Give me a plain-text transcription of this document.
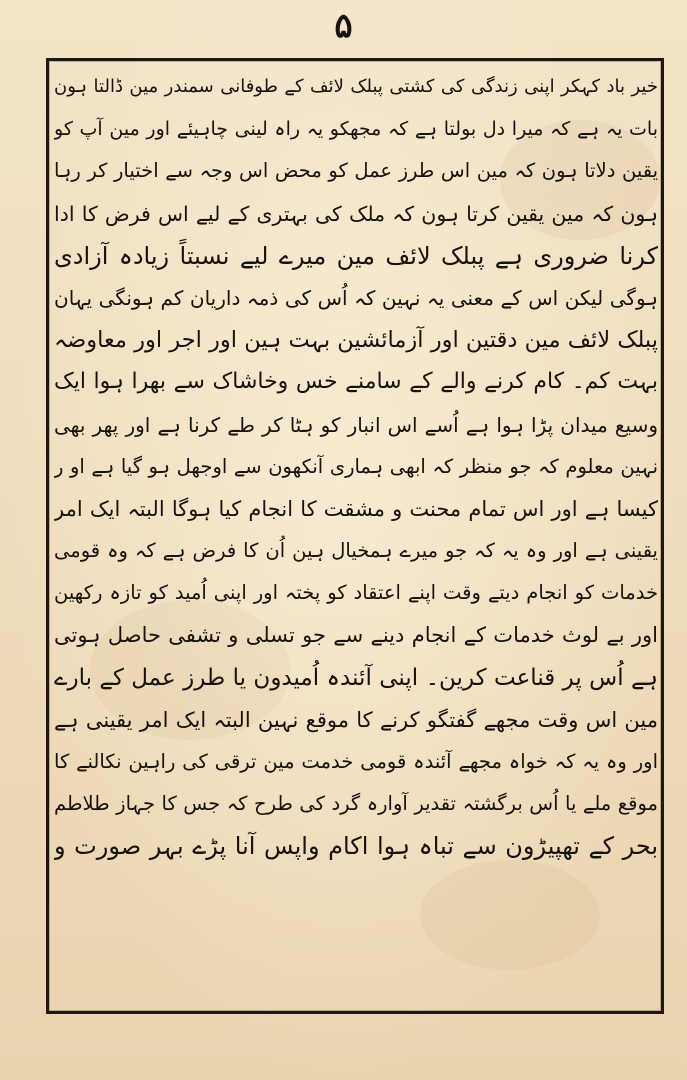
۵
خیر باد کہکر اپنی زندگی کی کشتی پبلک لائف کے طوفانی سمندر مین ڈالتا ہون
بات یہ ہے کہ میرا دل بولتا ہے کہ مجھکو یہ راہ لینی چاہیئے اور مین آپ کو
یقین دلاتا ہون کہ مین اس طرز عمل کو محض اس وجہ سے اختیار کر رہا
ہون کہ مین یقین کرتا ہون کہ ملک کی بہتری کے لیے اس فرض کا ادا
کرنا ضروری ہے پبلک لائف مین میرے لیے نسبتاً زیادہ آزادی
ہوگی لیکن اس کے معنی یہ نہین کہ اُس کی ذمہ داریان کم ہونگی یہان
پبلک لائف مین دقتین اور آزمائشین بہت ہین اور اجر اور معاوضہ
بہت کم۔ کام کرنے والے کے سامنے خس وخاشاک سے بھرا ہوا ایک
وسیع میدان پڑا ہوا ہے اُسے اس انبار کو ہٹا کر طے کرنا ہے اور پھر بھی
نہین معلوم کہ جو منظر کہ ابھی ہماری آنکھون سے اوجھل ہو گیا ہے او ر
کیسا ہے اور اس تمام محنت و مشقت کا انجام کیا ہوگا البتہ ایک امر
یقینی ہے اور وہ یہ کہ جو میرے ہمخیال ہین اُن کا فرض ہے کہ وہ قومی
خدمات کو انجام دیتے وقت اپنے اعتقاد کو پختہ اور اپنی اُمید کو تازہ رکھین
اور بے لوث خدمات کے انجام دینے سے جو تسلی و تشفی حاصل ہوتی
ہے اُس پر قناعت کرین۔ اپنی آئندہ اُمیدون یا طرز عمل کے بارے
مین اس وقت مجھے گفتگو کرنے کا موقع نہین البتہ ایک امر یقینی ہے
اور وہ یہ کہ خواہ مجھے آئندہ قومی خدمت مین ترقی کی راہین نکالنے کا
موقع ملے یا اُس برگشتہ تقدیر آوارہ گرد کی طرح کہ جس کا جہاز طلاطم
بحر کے تھپیڑون سے تباہ ہوا اکام واپس آنا پڑے بہر صورت و
